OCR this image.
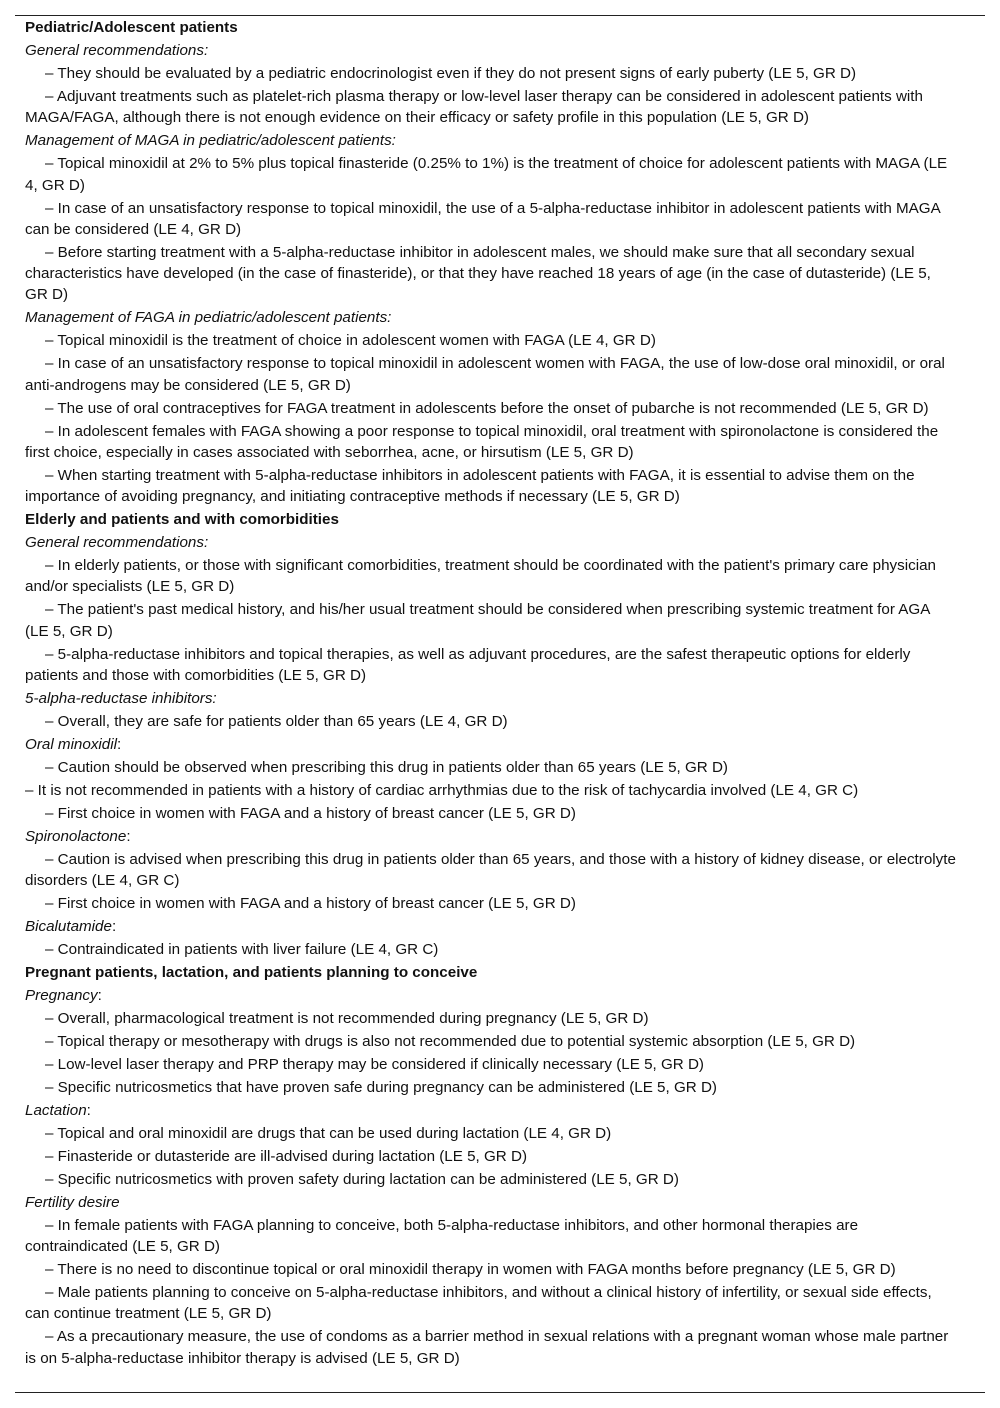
Pediatric/Adolescent patients
General recommendations:
– They should be evaluated by a pediatric endocrinologist even if they do not present signs of early puberty (LE 5, GR D)
– Adjuvant treatments such as platelet-rich plasma therapy or low-level laser therapy can be considered in adolescent patients with MAGA/FAGA, although there is not enough evidence on their efficacy or safety profile in this population (LE 5, GR D)
Management of MAGA in pediatric/adolescent patients:
– Topical minoxidil at 2% to 5% plus topical finasteride (0.25% to 1%) is the treatment of choice for adolescent patients with MAGA (LE 4, GR D)
– In case of an unsatisfactory response to topical minoxidil, the use of a 5-alpha-reductase inhibitor in adolescent patients with MAGA can be considered (LE 4, GR D)
– Before starting treatment with a 5-alpha-reductase inhibitor in adolescent males, we should make sure that all secondary sexual characteristics have developed (in the case of finasteride), or that they have reached 18 years of age (in the case of dutasteride) (LE 5, GR D)
Management of FAGA in pediatric/adolescent patients:
– Topical minoxidil is the treatment of choice in adolescent women with FAGA (LE 4, GR D)
– In case of an unsatisfactory response to topical minoxidil in adolescent women with FAGA, the use of low-dose oral minoxidil, or oral anti-androgens may be considered (LE 5, GR D)
– The use of oral contraceptives for FAGA treatment in adolescents before the onset of pubarche is not recommended (LE 5, GR D)
– In adolescent females with FAGA showing a poor response to topical minoxidil, oral treatment with spironolactone is considered the first choice, especially in cases associated with seborrhea, acne, or hirsutism (LE 5, GR D)
– When starting treatment with 5-alpha-reductase inhibitors in adolescent patients with FAGA, it is essential to advise them on the importance of avoiding pregnancy, and initiating contraceptive methods if necessary (LE 5, GR D)
Elderly and patients and with comorbidities
General recommendations:
– In elderly patients, or those with significant comorbidities, treatment should be coordinated with the patient's primary care physician and/or specialists (LE 5, GR D)
– The patient's past medical history, and his/her usual treatment should be considered when prescribing systemic treatment for AGA (LE 5, GR D)
– 5-alpha-reductase inhibitors and topical therapies, as well as adjuvant procedures, are the safest therapeutic options for elderly patients and those with comorbidities (LE 5, GR D)
5-alpha-reductase inhibitors:
– Overall, they are safe for patients older than 65 years (LE 4, GR D)
Oral minoxidil:
– Caution should be observed when prescribing this drug in patients older than 65 years (LE 5, GR D)
– It is not recommended in patients with a history of cardiac arrhythmias due to the risk of tachycardia involved (LE 4, GR C)
– First choice in women with FAGA and a history of breast cancer (LE 5, GR D)
Spironolactone:
– Caution is advised when prescribing this drug in patients older than 65 years, and those with a history of kidney disease, or electrolyte disorders (LE 4, GR C)
– First choice in women with FAGA and a history of breast cancer (LE 5, GR D)
Bicalutamide:
– Contraindicated in patients with liver failure (LE 4, GR C)
Pregnant patients, lactation, and patients planning to conceive
Pregnancy:
– Overall, pharmacological treatment is not recommended during pregnancy (LE 5, GR D)
– Topical therapy or mesotherapy with drugs is also not recommended due to potential systemic absorption (LE 5, GR D)
– Low-level laser therapy and PRP therapy may be considered if clinically necessary (LE 5, GR D)
– Specific nutricosmetics that have proven safe during pregnancy can be administered (LE 5, GR D)
Lactation:
– Topical and oral minoxidil are drugs that can be used during lactation (LE 4, GR D)
– Finasteride or dutasteride are ill-advised during lactation (LE 5, GR D)
– Specific nutricosmetics with proven safety during lactation can be administered (LE 5, GR D)
Fertility desire
– In female patients with FAGA planning to conceive, both 5-alpha-reductase inhibitors, and other hormonal therapies are contraindicated (LE 5, GR D)
– There is no need to discontinue topical or oral minoxidil therapy in women with FAGA months before pregnancy (LE 5, GR D)
– Male patients planning to conceive on 5-alpha-reductase inhibitors, and without a clinical history of infertility, or sexual side effects, can continue treatment (LE 5, GR D)
– As a precautionary measure, the use of condoms as a barrier method in sexual relations with a pregnant woman whose male partner is on 5-alpha-reductase inhibitor therapy is advised (LE 5, GR D)
